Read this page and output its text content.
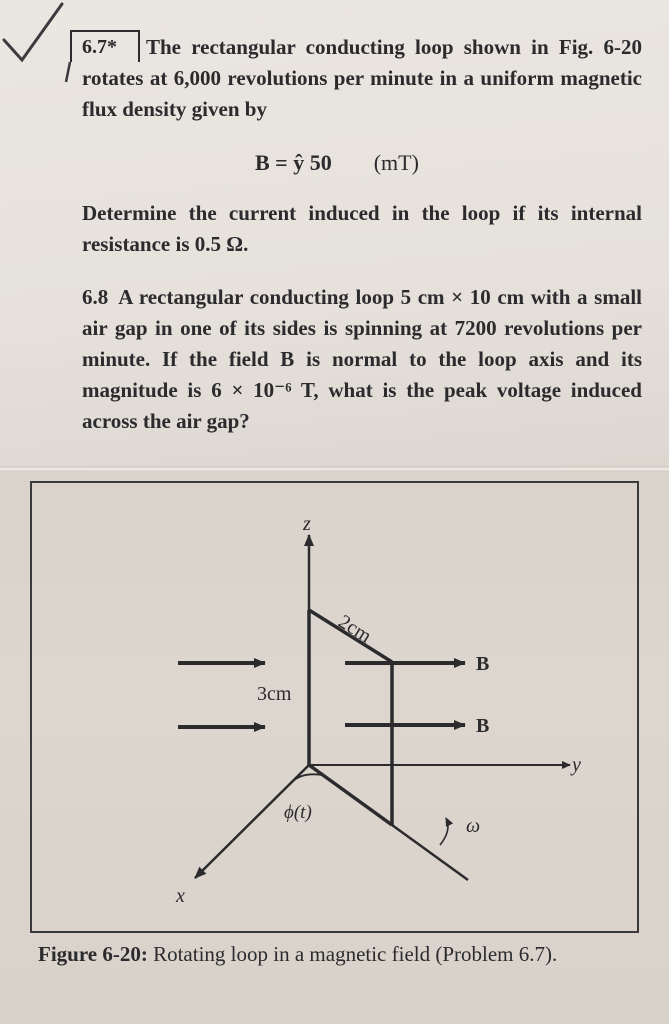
6.7*	The rectangular conducting loop shown in Fig. 6-20 rotates at 6,000 revolutions per minute in a uniform magnetic flux density given by

B = ŷ 50 (mT)

Determine the current induced in the loop if its internal resistance is 0.5 Ω.

6.8 A rectangular conducting loop 5 cm × 10 cm with a small air gap in one of its sides is spinning at 7200 revolutions per minute. If the field B is normal to the loop axis and its magnitude is 6 × 10⁻⁶ T, what is the peak voltage induced across the air gap?

z
y
x
2cm
3cm
B
B
ϕ(t)
ω

Figure 6-20: Rotating loop in a magnetic field (Problem 6.7).
